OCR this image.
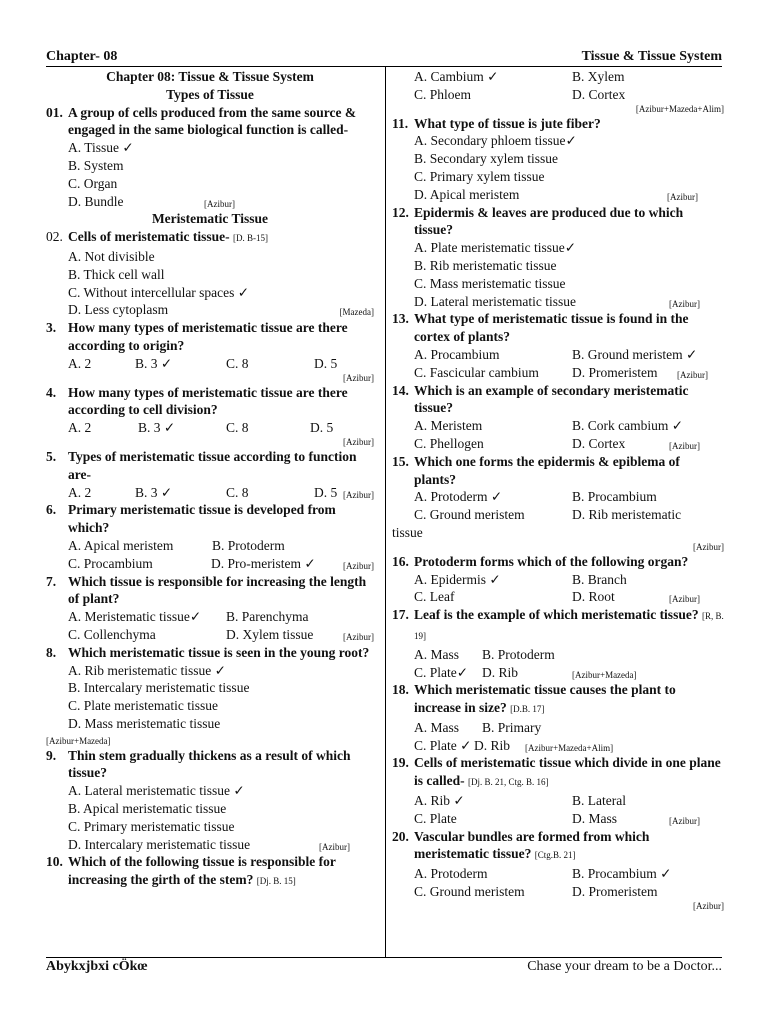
Chapter- 08	Tissue & Tissue System
Chapter 08: Tissue & Tissue System
Types of Tissue
01. A group of cells produced from the same source & engaged in the same biological function is called-
A. Tissue ✓
B. System
C. Organ
D. Bundle	[Azibur]
Meristematic Tissue
02. Cells of meristematic tissue- [D. B-15]
A. Not divisible
B. Thick cell wall
C. Without intercellular spaces ✓
D. Less cytoplasm	[Mazeda]
3. How many types of meristematic tissue are there according to origin?
A. 2	B. 3 ✓	C. 8	D. 5
[Azibur]
4. How many types of meristematic tissue are there according to cell division?
A. 2	B. 3 ✓	C. 8	D. 5
[Azibur]
5. Types of meristematic tissue according to function are-
A. 2	B. 3 ✓	C. 8	D. 5 [Azibur]
6. Primary meristematic tissue is developed from which?
A. Apical meristem	B. Protoderm
C. Procambium	D. Pro-meristem ✓	[Azibur]
7. Which tissue is responsible for increasing the length of plant?
A. Meristematic tissue✓ B. Parenchyma
C. Collenchyma	D. Xylem tissue	[Azibur]
8. Which meristematic tissue is seen in the young root?
A. Rib meristematic tissue ✓
B. Intercalary meristematic tissue
C. Plate meristematic tissue
D. Mass meristematic tissue
[Azibur+Mazeda]
9. Thin stem gradually thickens as a result of which tissue?
A. Lateral meristematic tissue ✓
B. Apical meristematic tissue
C. Primary meristematic tissue
D. Intercalary meristematic tissue	[Azibur]
10. Which of the following tissue is responsible for increasing the girth of the stem? [Dj. B. 15]
A. Cambium ✓	B. Xylem
C. Phloem	D. Cortex
[Azibur+Mazeda+Alim]
11. What type of tissue is jute fiber?
A. Secondary phloem tissue✓
B. Secondary xylem tissue
C. Primary xylem tissue
D. Apical meristem	[Azibur]
12. Epidermis & leaves are produced due to which tissue?
A. Plate meristematic tissue✓
B. Rib meristematic tissue
C. Mass meristematic tissue
D. Lateral meristematic tissue	[Azibur]
13. What type of meristematic tissue is found in the cortex of plants?
A. Procambium	B. Ground meristem ✓
C. Fascicular cambium D. Promeristem [Azibur]
14. Which is an example of secondary meristematic tissue?
A. Meristem	B. Cork cambium ✓
C. Phellogen	D. Cortex	[Azibur]
15. Which one forms the epidermis & epiblema of plants?
A. Protoderm ✓	B. Procambium
C. Ground meristem	D. Rib meristematic
tissue
[Azibur]
16. Protoderm forms which of the following organ?
A. Epidermis ✓	B. Branch
C. Leaf	D. Root	[Azibur]
17. Leaf is the example of which meristematic tissue? [R, B. 19]
A. Mass B. Protoderm
C. Plate✓ D. Rib	[Azibur+Mazeda]
18. Which meristematic tissue causes the plant to increase in size? [D.B. 17]
A. Mass B. Primary
C. Plate ✓ D. Rib [Azibur+Mazeda+Alim]
19. Cells of meristematic tissue which divide in one plane is called- [Dj. B. 21, Ctg. B. 16]
A. Rib ✓	B. Lateral
C. Plate	D. Mass	[Azibur]
20. Vascular bundles are formed from which meristematic tissue? [Ctg.B. 21]
A. Protoderm	B. Procambium ✓
C. Ground meristem	D. Promeristem
[Azibur]
Abykxjbxi cÖkœ	Chase your dream to be a Doctor...
